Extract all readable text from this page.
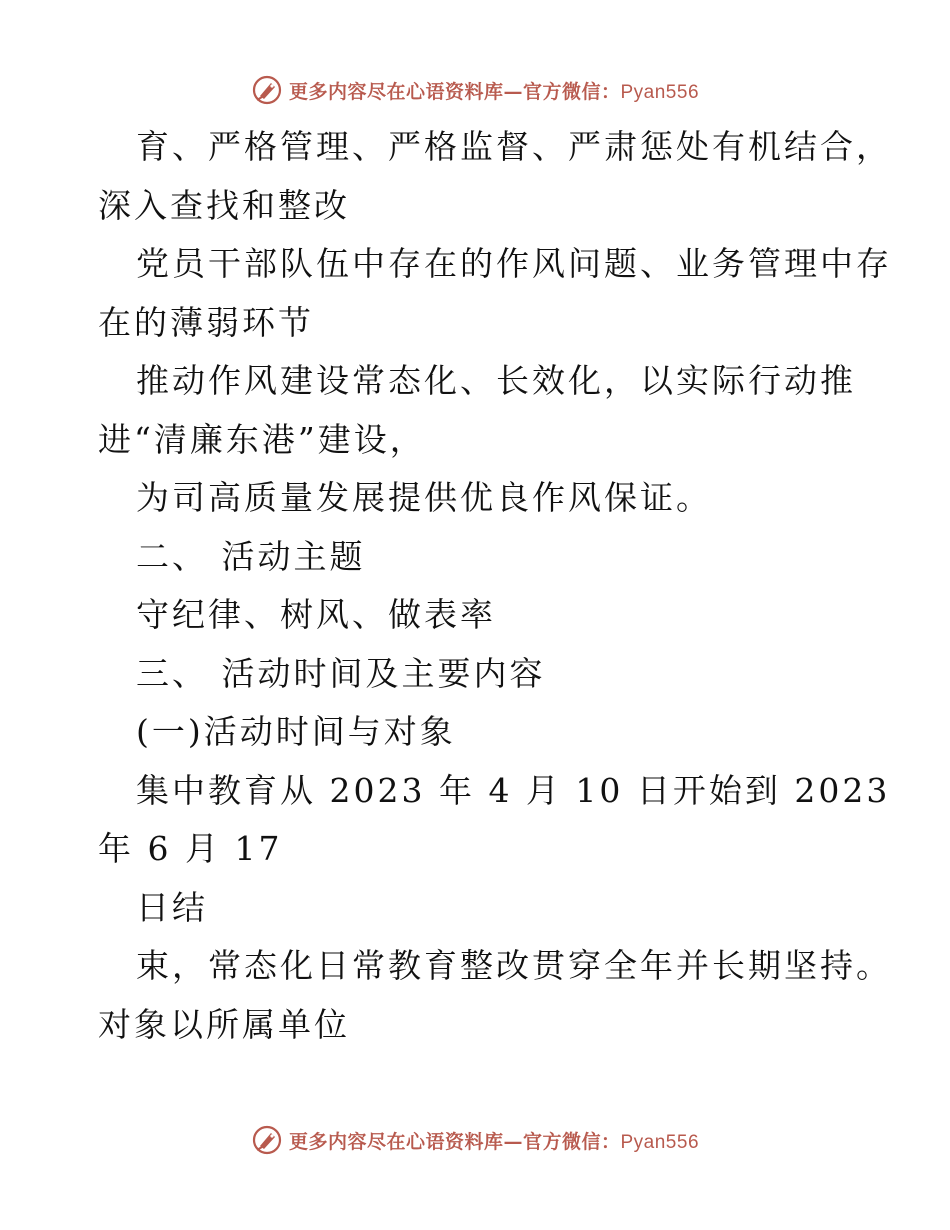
更多内容尽在心语资料库—官方微信：Pyan556
育、严格管理、严格监督、严肃惩处有机结合，
深入查找和整改
党员干部队伍中存在的作风问题、业务管理中存
在的薄弱环节
推动作风建设常态化、长效化，以实际行动推
进“清廉东港”建设，
为司高质量发展提供优良作风保证。
二、 活动主题
守纪律、树风、做表率
三、 活动时间及主要内容
(一)活动时间与对象
集中教育从 2023 年 4 月 10 日开始到 2023
年 6 月 17
日结
束，常态化日常教育整改贯穿全年并长期坚持。
对象以所属单位
更多内容尽在心语资料库—官方微信：Pyan556
